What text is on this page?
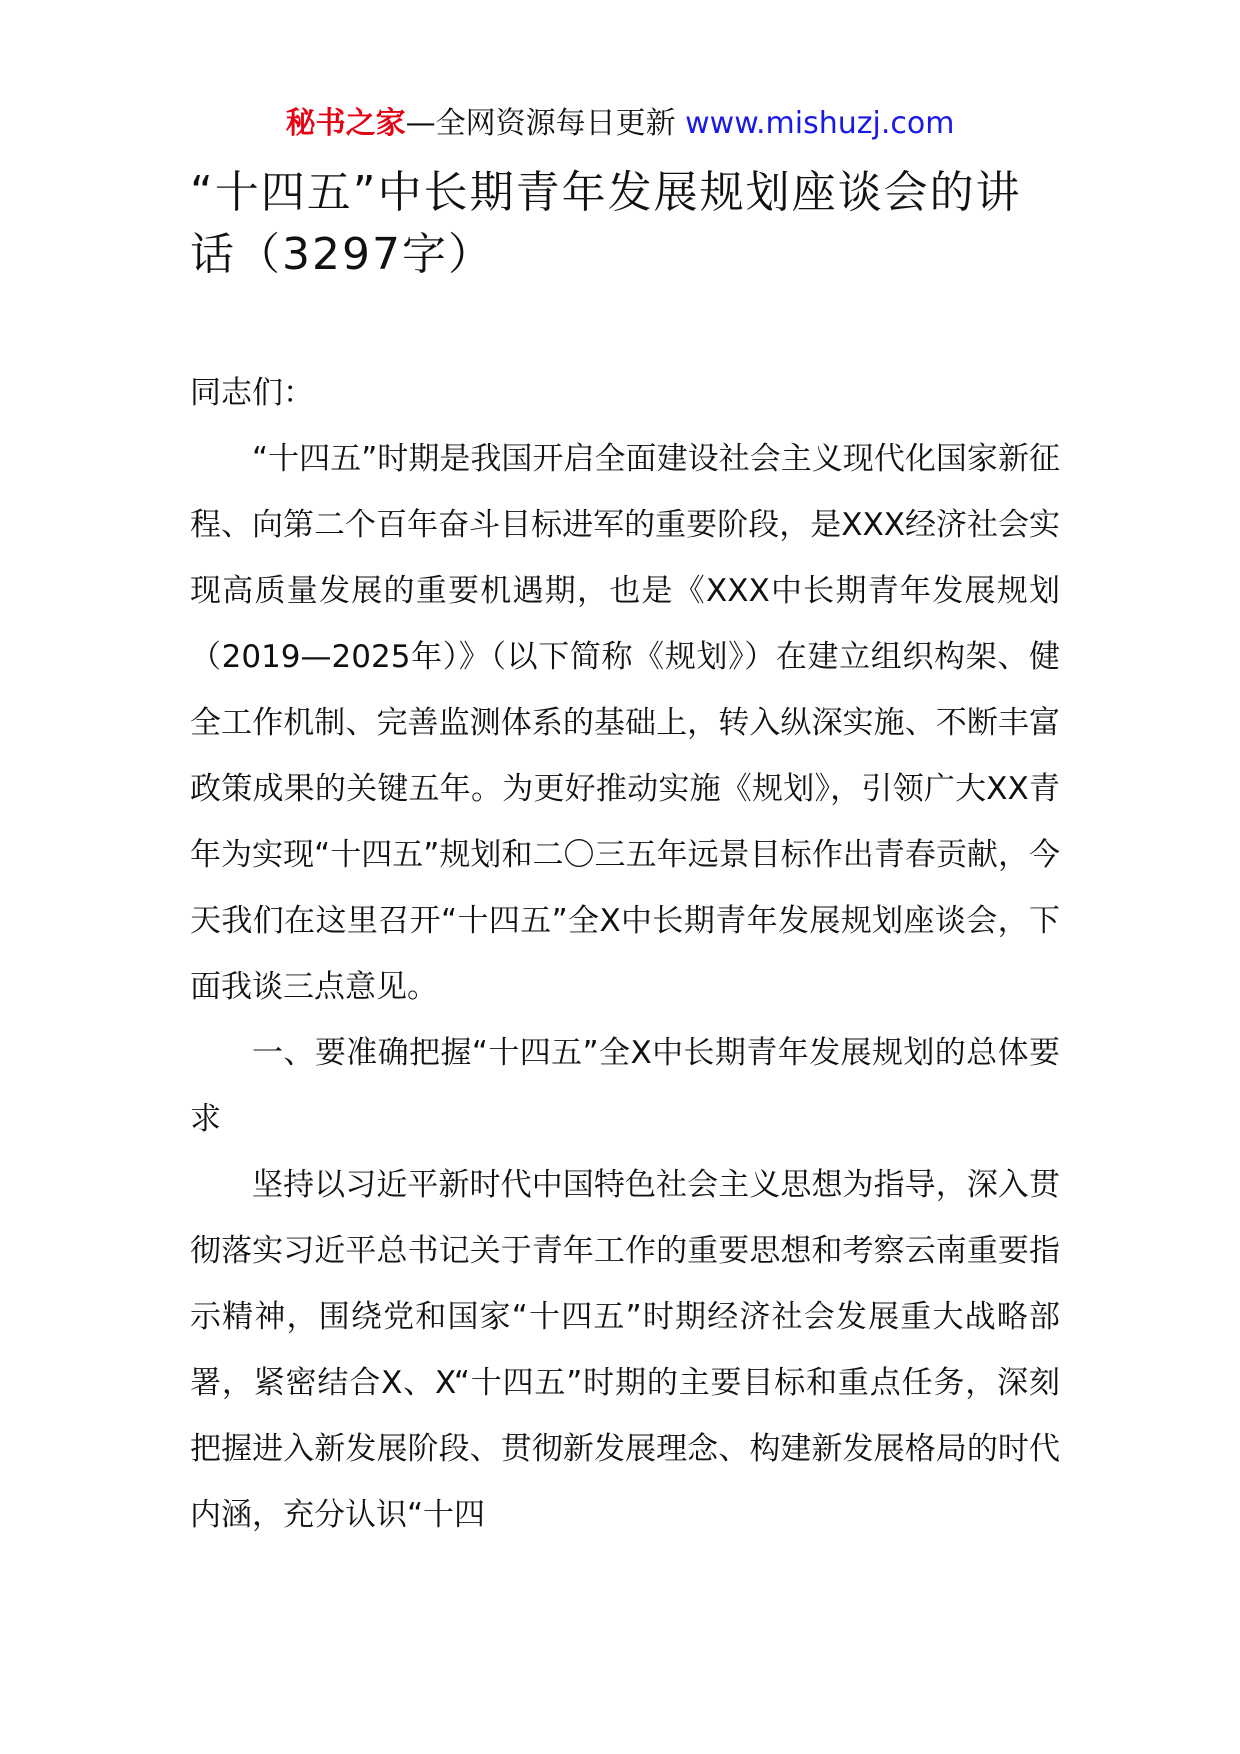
秘书之家—全网资源每日更新 www.mishuzj.com
“十四五”中长期青年发展规划座谈会的讲话（3297字）

同志们：

“十四五”时期是我国开启全面建设社会主义现代化国家新征程、向第二个百年奋斗目标进军的重要阶段，是XXX经济社会实现高质量发展的重要机遇期，也是《XXX中长期青年发展规划（2019—2025年）》（以下简称《规划》）在建立组织构架、健全工作机制、完善监测体系的基础上，转入纵深实施、不断丰富政策成果的关键五年。为更好推动实施《规划》，引领广大XX青年为实现“十四五”规划和二〇三五年远景目标作出青春贡献，今天我们在这里召开“十四五”全X中长期青年发展规划座谈会，下面我谈三点意见。

一、要准确把握“十四五”全X中长期青年发展规划的总体要求

坚持以习近平新时代中国特色社会主义思想为指导，深入贯彻落实习近平总书记关于青年工作的重要思想和考察云南重要指示精神，围绕党和国家“十四五”时期经济社会发展重大战略部署，紧密结合X、X“十四五”时期的主要目标和重点任务，深刻把握进入新发展阶段、贯彻新发展理念、构建新发展格局的时代内涵，充分认识“十四
